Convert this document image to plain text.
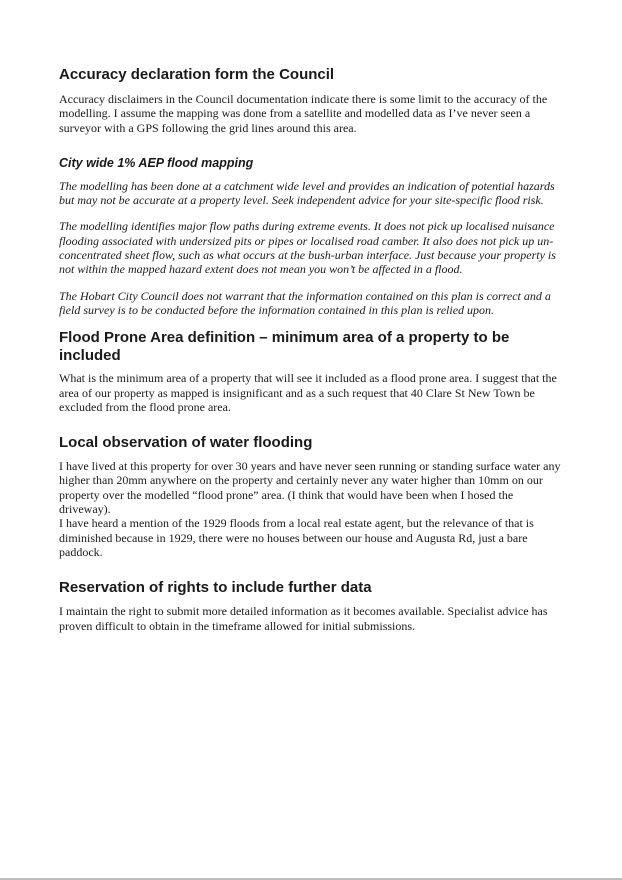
Accuracy declaration form the Council

Accuracy disclaimers in the Council documentation indicate there is some limit to the accuracy of the modelling. I assume the mapping was done from a satellite and modelled data as I’ve never seen a surveyor with a GPS following the grid lines around this area.

City wide 1% AEP flood mapping

The modelling has been done at a catchment wide level and provides an indication of potential hazards but may not be accurate at a property level. Seek independent advice for your site-specific flood risk.

The modelling identifies major flow paths during extreme events. It does not pick up localised nuisance flooding associated with undersized pits or pipes or localised road camber. It also does not pick up un-concentrated sheet flow, such as what occurs at the bush-urban interface. Just because your property is not within the mapped hazard extent does not mean you won’t be affected in a flood.

The Hobart City Council does not warrant that the information contained on this plan is correct and a field survey is to be conducted before the information contained in this plan is relied upon.

Flood Prone Area definition – minimum area of a property to be included

What is the minimum area of a property that will see it included as a flood prone area. I suggest that the area of our property as mapped is insignificant and as a such request that 40 Clare St New Town be excluded from the flood prone area.

Local observation of water flooding

I have lived at this property for over 30 years and have never seen running or standing surface water any higher than 20mm anywhere on the property and certainly never any water higher than 10mm on our property over the modelled “flood prone” area. (I think that would have been when I hosed the driveway).

I have heard a mention of the 1929 floods from a local real estate agent, but the relevance of that is diminished because in 1929, there were no houses between our house and Augusta Rd, just a bare paddock.

Reservation of rights to include further data

I maintain the right to submit more detailed information as it becomes available. Specialist advice has proven difficult to obtain in the timeframe allowed for initial submissions.
